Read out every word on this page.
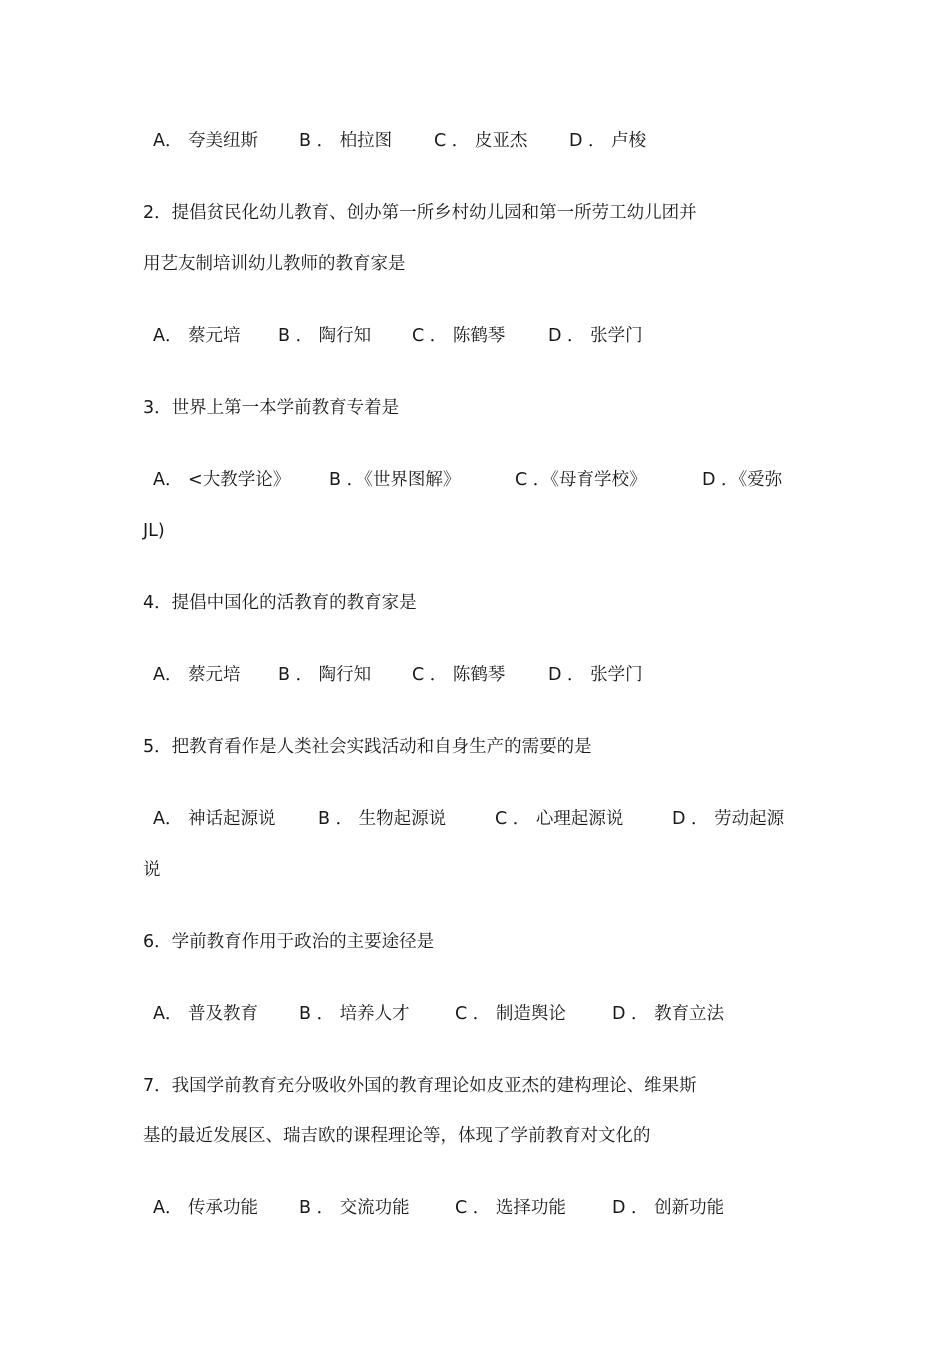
A． 夸美纽斯 B ． 柏拉图 C ． 皮亚杰 D ． 卢梭

2．提倡贫民化幼儿教育、创办第一所乡村幼儿园和第一所劳工幼儿团并

用艺友制培训幼儿教师的教育家是

A． 蔡元培 B ． 陶行知 C ． 陈鹤琴 D ． 张学门

3．世界上第一本学前教育专着是

A． <大教学论》 B ．《世界图解》	C ．《母育学校》	D ．《爱弥

JL)

4．提倡中国化的活教育的教育家是

A． 蔡元培 B ． 陶行知 C ． 陈鹤琴 D ． 张学门

5．把教育看作是人类社会实践活动和自身生产的需要的是

A． 神话起源说 B ． 生物起源说	C ． 心理起源说	D ． 劳动起源

说

6．学前教育作用于政治的主要途径是

A． 普及教育 B ． 培养人才	C ． 制造舆论	D ． 教育立法

7．我国学前教育充分吸收外国的教育理论如皮亚杰的建构理论、维果斯

基的最近发展区、瑞吉欧的课程理论等，体现了学前教育对文化的

A． 传承功能 B ． 交流功能	C ． 选择功能	D ． 创新功能
